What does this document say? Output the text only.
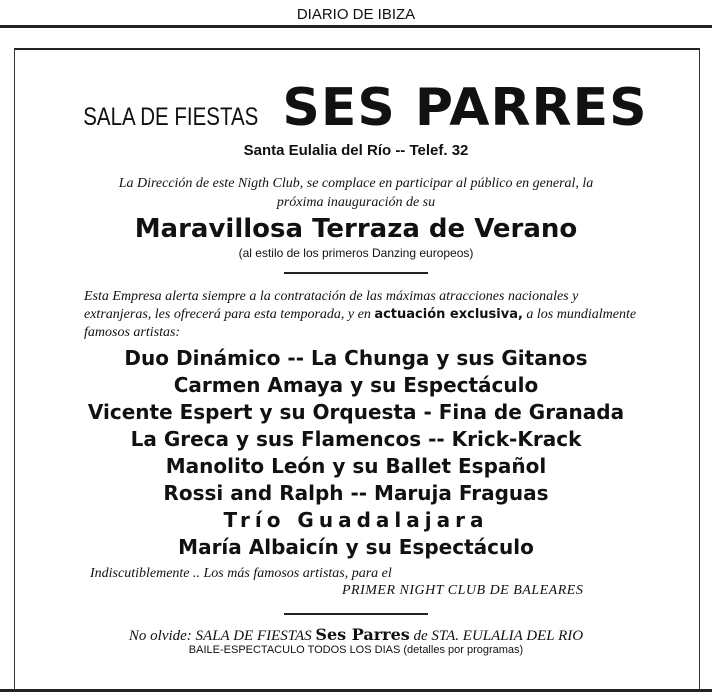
DIARIO DE IBIZA
SALA DE FIESTAS SES PARRES
Santa Eulalia del Río -- Telef. 32
La Dirección de este Nigth Club, se complace en participar al público en general, la
próxima inauguración de su
Maravillosa Terraza de Verano
(al estilo de los primeros Danzing europeos)
Esta Empresa alerta siempre a la contratación de las máximas atracciones nacionales y extranjeras, les ofrecerá para esta temporada, y en actuación exclusiva, a los mundialmente famosos artistas:
Duo Dinámico -- La Chunga y sus Gitanos
Carmen Amaya y su Espectáculo
Vicente Espert y su Orquesta - Fina de Granada
La Greca y sus Flamencos -- Krick-Krack
Manolito León y su Ballet Español
Rossi and Ralph -- Maruja Fraguas
Trío Guadalajara
María Albaicín y su Espectáculo
Indiscutiblemente .. Los más famosos artistas, para el
PRIMER NIGHT CLUB DE BALEARES
No olvide: SALA DE FIESTAS Ses Parres de STA. EULALIA DEL RIO
BAILE-ESPECTACULO TODOS LOS DIAS (detalles por programas)
